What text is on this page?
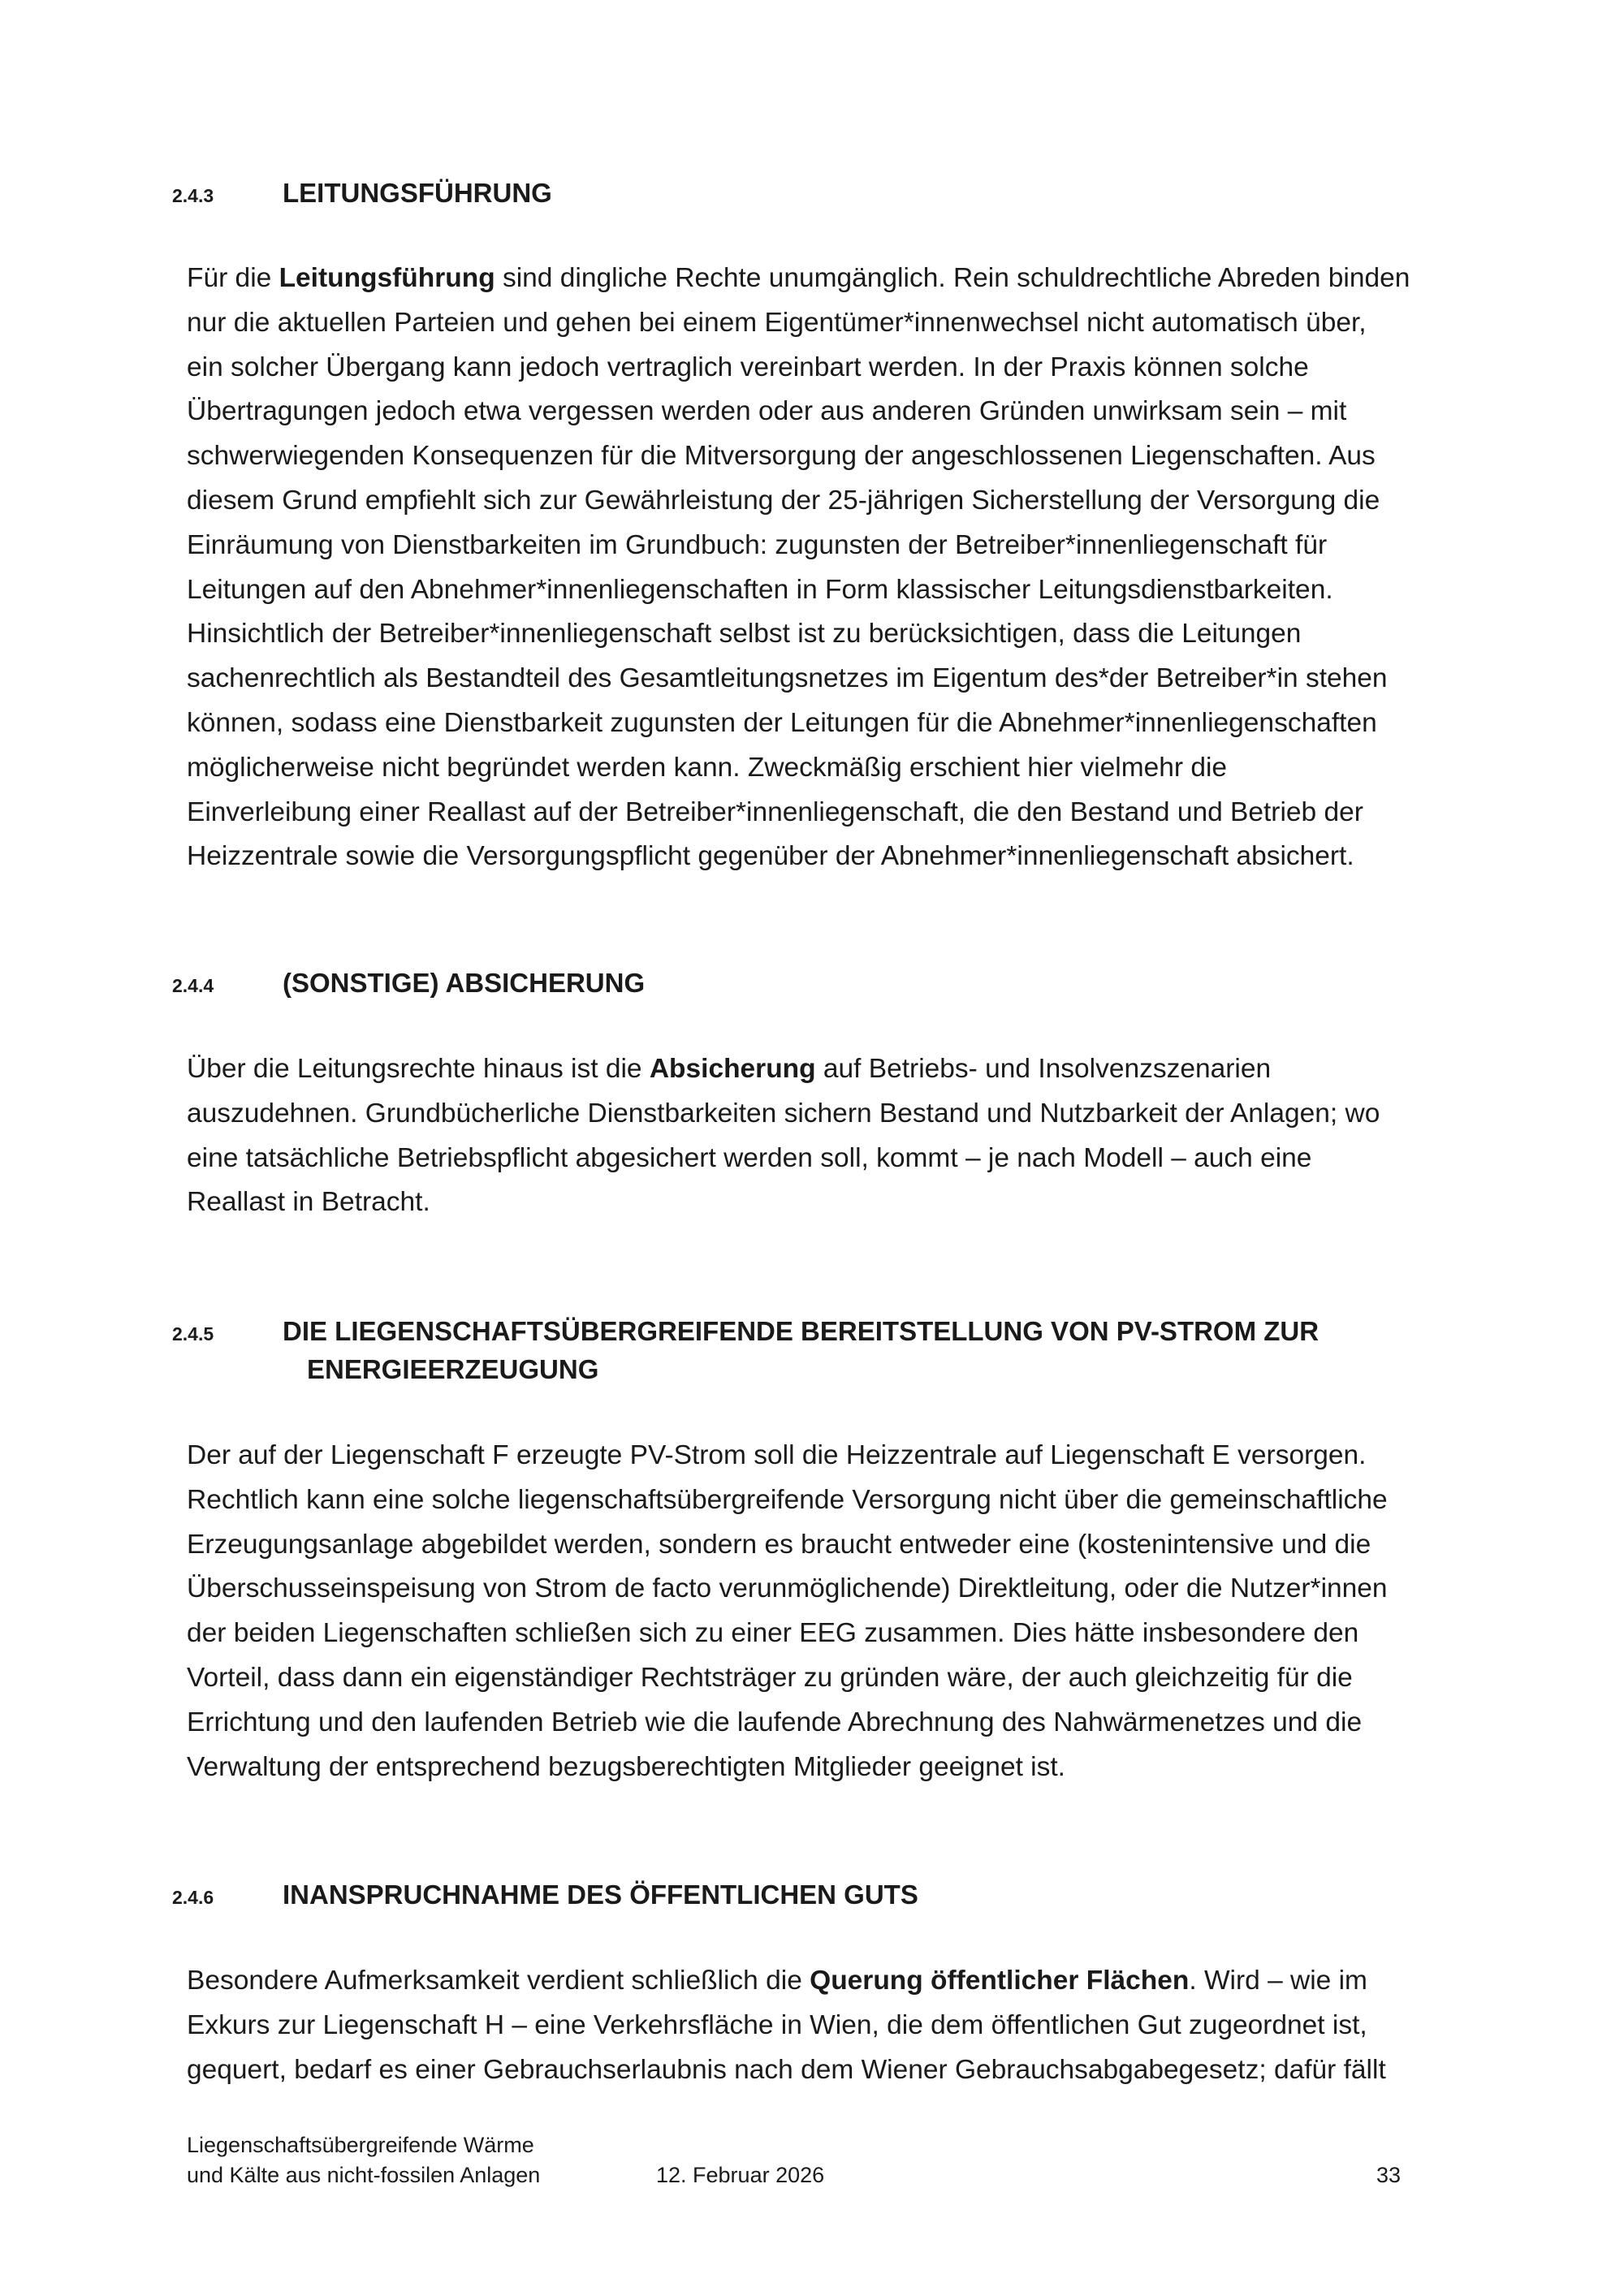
2.4.3	LEITUNGSFÜHRUNG

Für die Leitungsführung sind dingliche Rechte unumgänglich. Rein schuldrechtliche Abreden binden
nur die aktuellen Parteien und gehen bei einem Eigentümer*innenwechsel nicht automatisch über,
ein solcher Übergang kann jedoch vertraglich vereinbart werden. In der Praxis können solche
Übertragungen jedoch etwa vergessen werden oder aus anderen Gründen unwirksam sein – mit
schwerwiegenden Konsequenzen für die Mitversorgung der angeschlossenen Liegenschaften. Aus
diesem Grund empfiehlt sich zur Gewährleistung der 25-jährigen Sicherstellung der Versorgung die
Einräumung von Dienstbarkeiten im Grundbuch: zugunsten der Betreiber*innenliegenschaft für
Leitungen auf den Abnehmer*innenliegenschaften in Form klassischer Leitungsdienstbarkeiten.
Hinsichtlich der Betreiber*innenliegenschaft selbst ist zu berücksichtigen, dass die Leitungen
sachenrechtlich als Bestandteil des Gesamtleitungsnetzes im Eigentum des*der Betreiber*in stehen
können, sodass eine Dienstbarkeit zugunsten der Leitungen für die Abnehmer*innenliegenschaften
möglicherweise nicht begründet werden kann. Zweckmäßig erschient hier vielmehr die
Einverleibung einer Reallast auf der Betreiber*innenliegenschaft, die den Bestand und Betrieb der
Heizzentrale sowie die Versorgungspflicht gegenüber der Abnehmer*innenliegenschaft absichert.

2.4.4	(SONSTIGE) ABSICHERUNG

Über die Leitungsrechte hinaus ist die Absicherung auf Betriebs- und Insolvenzszenarien
auszudehnen. Grundbücherliche Dienstbarkeiten sichern Bestand und Nutzbarkeit der Anlagen; wo
eine tatsächliche Betriebspflicht abgesichert werden soll, kommt – je nach Modell – auch eine
Reallast in Betracht.

2.4.5	DIE LIEGENSCHAFTSÜBERGREIFENDE BEREITSTELLUNG VON PV-STROM ZUR
ENERGIEERZEUGUNG

Der auf der Liegenschaft F erzeugte PV-Strom soll die Heizzentrale auf Liegenschaft E versorgen.
Rechtlich kann eine solche liegenschaftsübergreifende Versorgung nicht über die gemeinschaftliche
Erzeugungsanlage abgebildet werden, sondern es braucht entweder eine (kostenintensive und die
Überschusseinspeisung von Strom de facto verunmöglichende) Direktleitung, oder die Nutzer*innen
der beiden Liegenschaften schließen sich zu einer EEG zusammen. Dies hätte insbesondere den
Vorteil, dass dann ein eigenständiger Rechtsträger zu gründen wäre, der auch gleichzeitig für die
Errichtung und den laufenden Betrieb wie die laufende Abrechnung des Nahwärmenetzes und die
Verwaltung der entsprechend bezugsberechtigten Mitglieder geeignet ist.

2.4.6	INANSPRUCHNAHME DES ÖFFENTLICHEN GUTS

Besondere Aufmerksamkeit verdient schließlich die Querung öffentlicher Flächen. Wird – wie im
Exkurs zur Liegenschaft H – eine Verkehrsfläche in Wien, die dem öffentlichen Gut zugeordnet ist,
gequert, bedarf es einer Gebrauchserlaubnis nach dem Wiener Gebrauchsabgabegesetz; dafür fällt

Liegenschaftsübergreifende Wärme
und Kälte aus nicht-fossilen Anlagen	12. Februar 2026	33
